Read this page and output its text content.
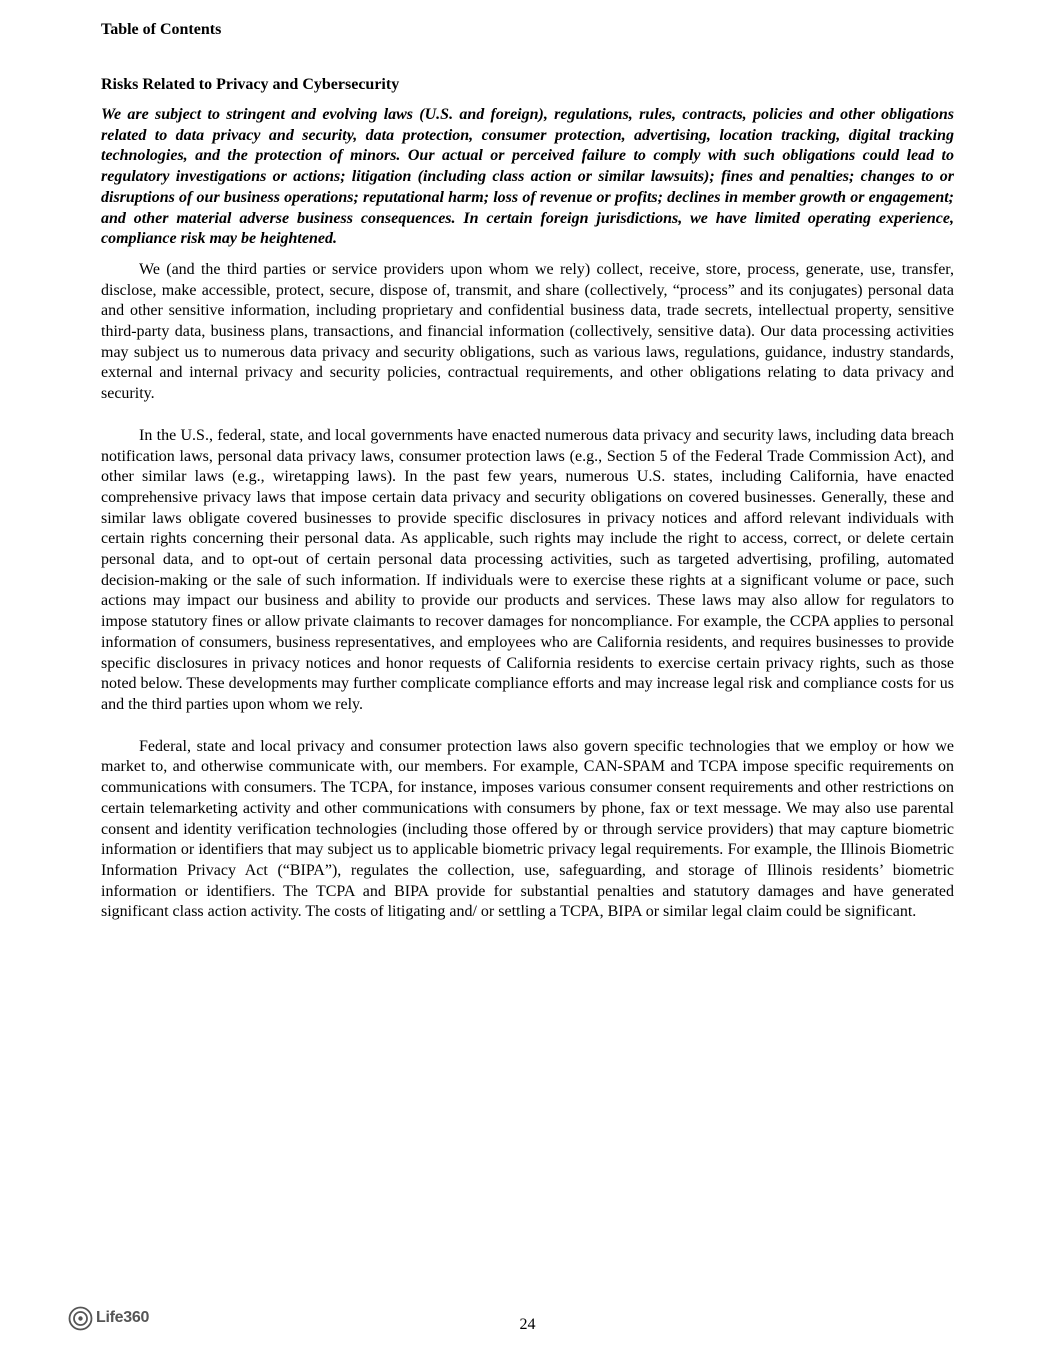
Table of Contents
Risks Related to Privacy and Cybersecurity
We are subject to stringent and evolving laws (U.S. and foreign), regulations, rules, contracts, policies and other obligations related to data privacy and security, data protection, consumer protection, advertising, location tracking, digital tracking technologies, and the protection of minors. Our actual or perceived failure to comply with such obligations could lead to regulatory investigations or actions; litigation (including class action or similar lawsuits); fines and penalties; changes to or disruptions of our business operations; reputational harm; loss of revenue or profits; declines in member growth or engagement; and other material adverse business consequences. In certain foreign jurisdictions, we have limited operating experience, compliance risk may be heightened.

We (and the third parties or service providers upon whom we rely) collect, receive, store, process, generate, use, transfer, disclose, make accessible, protect, secure, dispose of, transmit, and share (collectively, “process” and its conjugates) personal data and other sensitive information, including proprietary and confidential business data, trade secrets, intellectual property, sensitive third-party data, business plans, transactions, and financial information (collectively, sensitive data). Our data processing activities may subject us to numerous data privacy and security obligations, such as various laws, regulations, guidance, industry standards, external and internal privacy and security policies, contractual requirements, and other obligations relating to data privacy and security.

In the U.S., federal, state, and local governments have enacted numerous data privacy and security laws, including data breach notification laws, personal data privacy laws, consumer protection laws (e.g., Section 5 of the Federal Trade Commission Act), and other similar laws (e.g., wiretapping laws). In the past few years, numerous U.S. states, including California, have enacted comprehensive privacy laws that impose certain data privacy and security obligations on covered businesses. Generally, these and similar laws obligate covered businesses to provide specific disclosures in privacy notices and afford relevant individuals with certain rights concerning their personal data. As applicable, such rights may include the right to access, correct, or delete certain personal data, and to opt-out of certain personal data processing activities, such as targeted advertising, profiling, automated decision-making or the sale of such information. If individuals were to exercise these rights at a significant volume or pace, such actions may impact our business and ability to provide our products and services. These laws may also allow for regulators to impose statutory fines or allow private claimants to recover damages for noncompliance. For example, the CCPA applies to personal information of consumers, business representatives, and employees who are California residents, and requires businesses to provide specific disclosures in privacy notices and honor requests of California residents to exercise certain privacy rights, such as those noted below. These developments may further complicate compliance efforts and may increase legal risk and compliance costs for us and the third parties upon whom we rely.

Federal, state and local privacy and consumer protection laws also govern specific technologies that we employ or how we market to, and otherwise communicate with, our members. For example, CAN-SPAM and TCPA impose specific requirements on communications with consumers. The TCPA, for instance, imposes various consumer consent requirements and other restrictions on certain telemarketing activity and other communications with consumers by phone, fax or text message. We may also use parental consent and identity verification technologies (including those offered by or through service providers) that may capture biometric information or identifiers that may subject us to applicable biometric privacy legal requirements. For example, the Illinois Biometric Information Privacy Act (“BIPA”), regulates the collection, use, safeguarding, and storage of Illinois residents’ biometric information or identifiers. The TCPA and BIPA provide for substantial penalties and statutory damages and have generated significant class action activity. The costs of litigating and/ or settling a TCPA, BIPA or similar legal claim could be significant.

Life360	24
